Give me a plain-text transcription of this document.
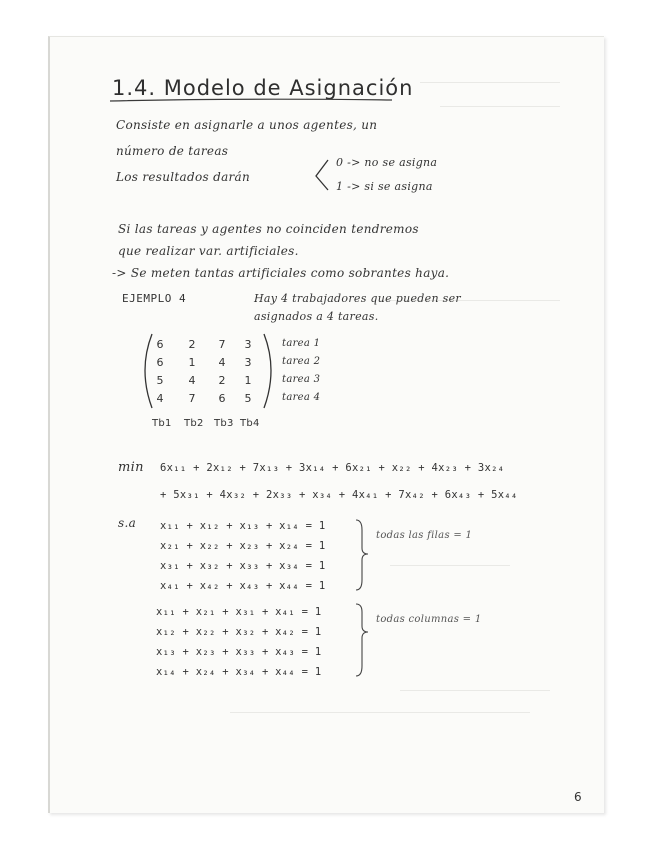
1.4. Modelo de Asignación
Consiste en asignarle a unos agentes, un
número de tareas
Los resultados darán
0 -> no se asigna
1 -> si se asigna
Si las tareas y agentes no coinciden tendremos
que realizar var. artificiales.
-> Se meten tantas artificiales como sobrantes haya.
EJEMPLO 4	Hay 4 trabajadores que pueden ser
asignados a 4 tareas.
6	2	7	3
6	1	4	3
5	4	2	1
4	7	6	5
tarea 1
tarea 2
tarea 3
tarea 4
Tb1 Tb2 Tb3 Tb4
min 6x₁₁ + 2x₁₂ + 7x₁₃ + 3x₁₄ + 6x₂₁ + x₂₂ + 4x₂₃ + 3x₂₄
+ 5x₃₁ + 4x₃₂ + 2x₃₃ + x₃₄ + 4x₄₁ + 7x₄₂ + 6x₄₃ + 5x₄₄
s.a x₁₁ + x₁₂ + x₁₃ + x₁₄ = 1
x₂₁ + x₂₂ + x₂₃ + x₂₄ = 1
x₃₁ + x₃₂ + x₃₃ + x₃₄ = 1
x₄₁ + x₄₂ + x₄₃ + x₄₄ = 1
x₁₁ + x₂₁ + x₃₁ + x₄₁ = 1
x₁₂ + x₂₂ + x₃₂ + x₄₂ = 1
x₁₃ + x₂₃ + x₃₃ + x₄₃ = 1
x₁₄ + x₂₄ + x₃₄ + x₄₄ = 1
todas las filas = 1
todas columnas = 1
6
